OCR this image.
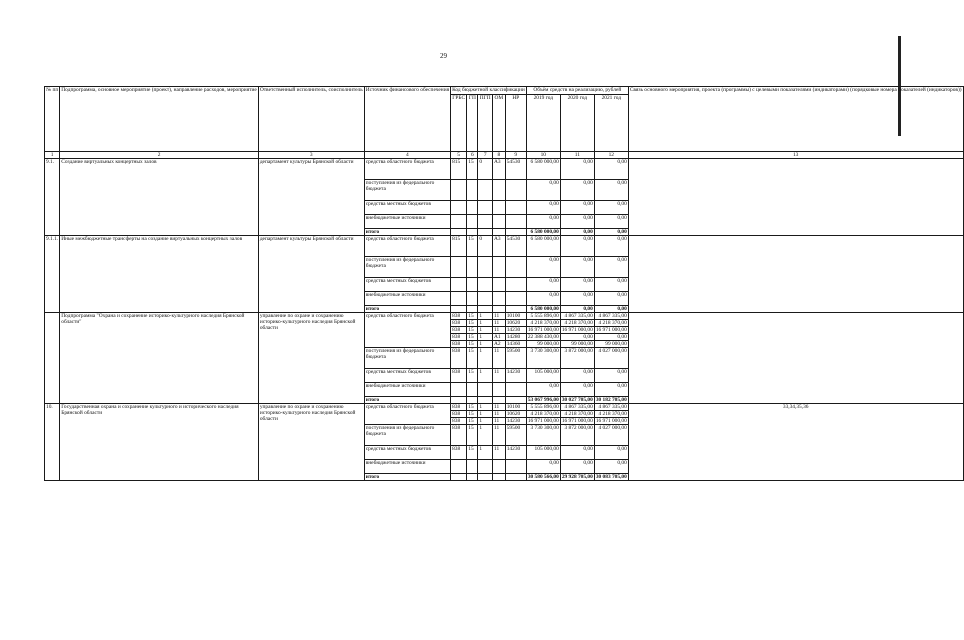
29
№ пп	Подпрограмма, основное мероприятие (проект), направление расходов, мероприятие	Ответственный исполнитель, соисполнитель	Источник финансового обеспечения	Код бюджетной классификации					Объём средств на реализацию, рублей			Связь основного мероприятия, проекта (программы) с целевыми показателями (индикаторами) (порядковые номера показателей (индикаторов))
				ГРБС	ГП	ПГП	ОМ	НР	2019 год	2020 год	2021 год	
1	2	3	4	5	6	7	8	9	10	11	12	13
9.1.	Создание виртуальных концертных залов	департамент культуры Брянской области	средства областного бюджета	815	15	0	А3	54530	6 580 000,00	0,00	0,00	
			поступления из федерального бюджета						0,00	0,00	0,00	
			средства местных бюджетов						0,00	0,00	0,00	
			внебюджетные источники						0,00	0,00	0,00	
			итого						6 580 000,00	0,00	0,00	
9.1.1.	Иные межбюджетные трансферты на создание виртуальных концертных залов	департамент культуры Брянской области	средства областного бюджета	815	15	0	А3	54530	6 580 000,00	0,00	0,00	
			поступления из федерального бюджета						0,00	0,00	0,00	
			средства местных бюджетов						0,00	0,00	0,00	
			внебюджетные источники						0,00	0,00	0,00	
			итого						6 580 000,00	0,00	0,00	
	Подпрограмма "Охрана и сохранение историко-культурного наследия Брянской области"	управление по охране и сохранению историко-культурного наследия Брянской области	средства областного бюджета	838	15	1	11	10100	5 555 896,00	4 867 335,00	4 867 335,00	
				838	15	1	11	10620	4 218 370,00	4 218 370,00	4 218 370,00	
				838	15	1	11	14230	16 971 000,00	16 971 000,00	16 971 000,00	
				838	15	1	А1	14280	22 388 430,00	0,00	0,00	
				838	15	1	А2	14360	99 000,00	99 000,00	99 000,00	
			поступления из федерального бюджета	838	15	1	11	59500	3 730 300,00	3 872 000,00	4 027 000,00	
			средства местных бюджетов	838	15	1	11	14230	105 000,00	0,00	0,00	
			внебюджетные источники						0,00	0,00	0,00	
			итого						53 067 996,00	30 027 705,00	30 182 705,00	
10.	Государственная охрана и сохранение культурного и исторического наследия Брянской области	управление по охране и сохранению историко-культурного наследия Брянской области	средства областного бюджета	838	15	1	11	10100	5 555 896,00	4 867 335,00	4 867 335,00	33,34,35,36
				838	15	1	11	10620	4 218 370,00	4 218 370,00	4 218 370,00	
				838	15	1	11	14230	16 971 000,00	16 971 000,00	16 971 000,00	
			поступления из федерального бюджета	838	15	1	11	59500	3 730 300,00	3 872 000,00	4 027 000,00	
			средства местных бюджетов	838	15	1	11	14230	105 000,00	0,00	0,00	
			внебюджетные источники						0,00	0,00	0,00	
			итого						30 580 566,00	29 928 705,00	30 083 705,00	
